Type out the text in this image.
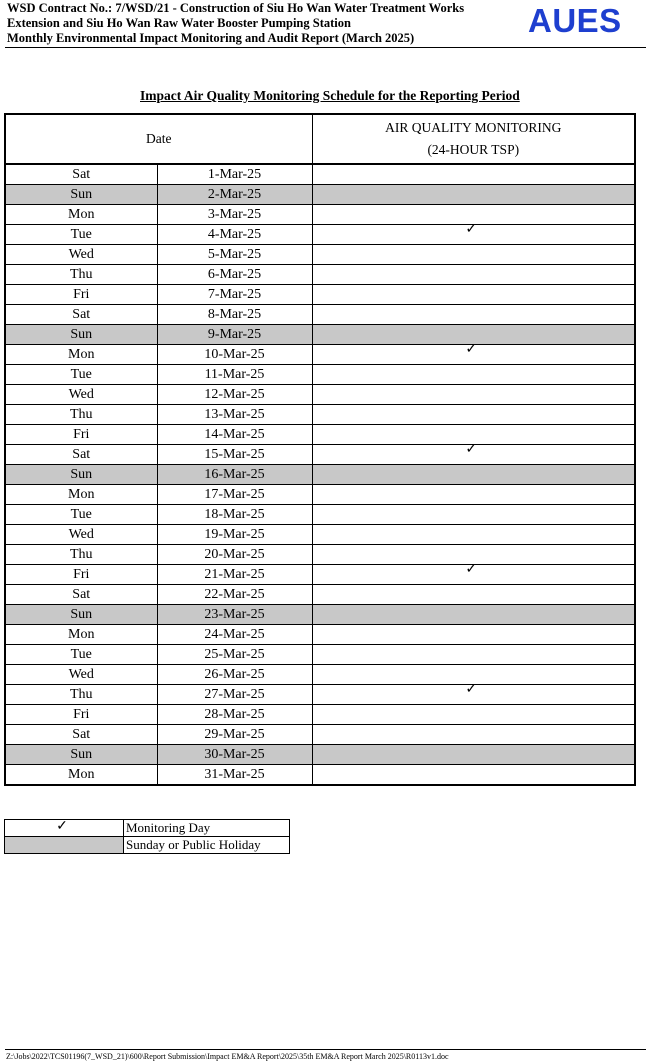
WSD Contract No.: 7/WSD/21 - Construction of Siu Ho Wan Water Treatment Works
Extension and Siu Ho Wan Raw Water Booster Pumping Station
Monthly Environmental Impact Monitoring and Audit Report (March 2025)	AUES
Impact Air Quality Monitoring Schedule for the Reporting Period
Date		AIR QUALITY MONITORING
(24-HOUR TSP)

Sat	1-Mar-25	
Sun	2-Mar-25	
Mon	3-Mar-25	
Tue	4-Mar-25	✓
Wed	5-Mar-25	
Thu	6-Mar-25	
Fri	7-Mar-25	
Sat	8-Mar-25	
Sun	9-Mar-25	
Mon	10-Mar-25	✓
Tue	11-Mar-25	
Wed	12-Mar-25	
Thu	13-Mar-25	
Fri	14-Mar-25	
Sat	15-Mar-25	✓
Sun	16-Mar-25	
Mon	17-Mar-25	
Tue	18-Mar-25	
Wed	19-Mar-25	
Thu	20-Mar-25	
Fri	21-Mar-25	✓
Sat	22-Mar-25	
Sun	23-Mar-25	
Mon	24-Mar-25	
Tue	25-Mar-25	
Wed	26-Mar-25	
Thu	27-Mar-25	✓
Fri	28-Mar-25	
Sat	29-Mar-25	
Sun	30-Mar-25	
Mon	31-Mar-25	
✓	Monitoring Day
	Sunday or Public Holiday
Z:\Jobs\2022\TCS01196(7_WSD_21)\600\Report Submission\Impact EM&A Report\2025\35th EM&A Report March 2025\R0113v1.doc
